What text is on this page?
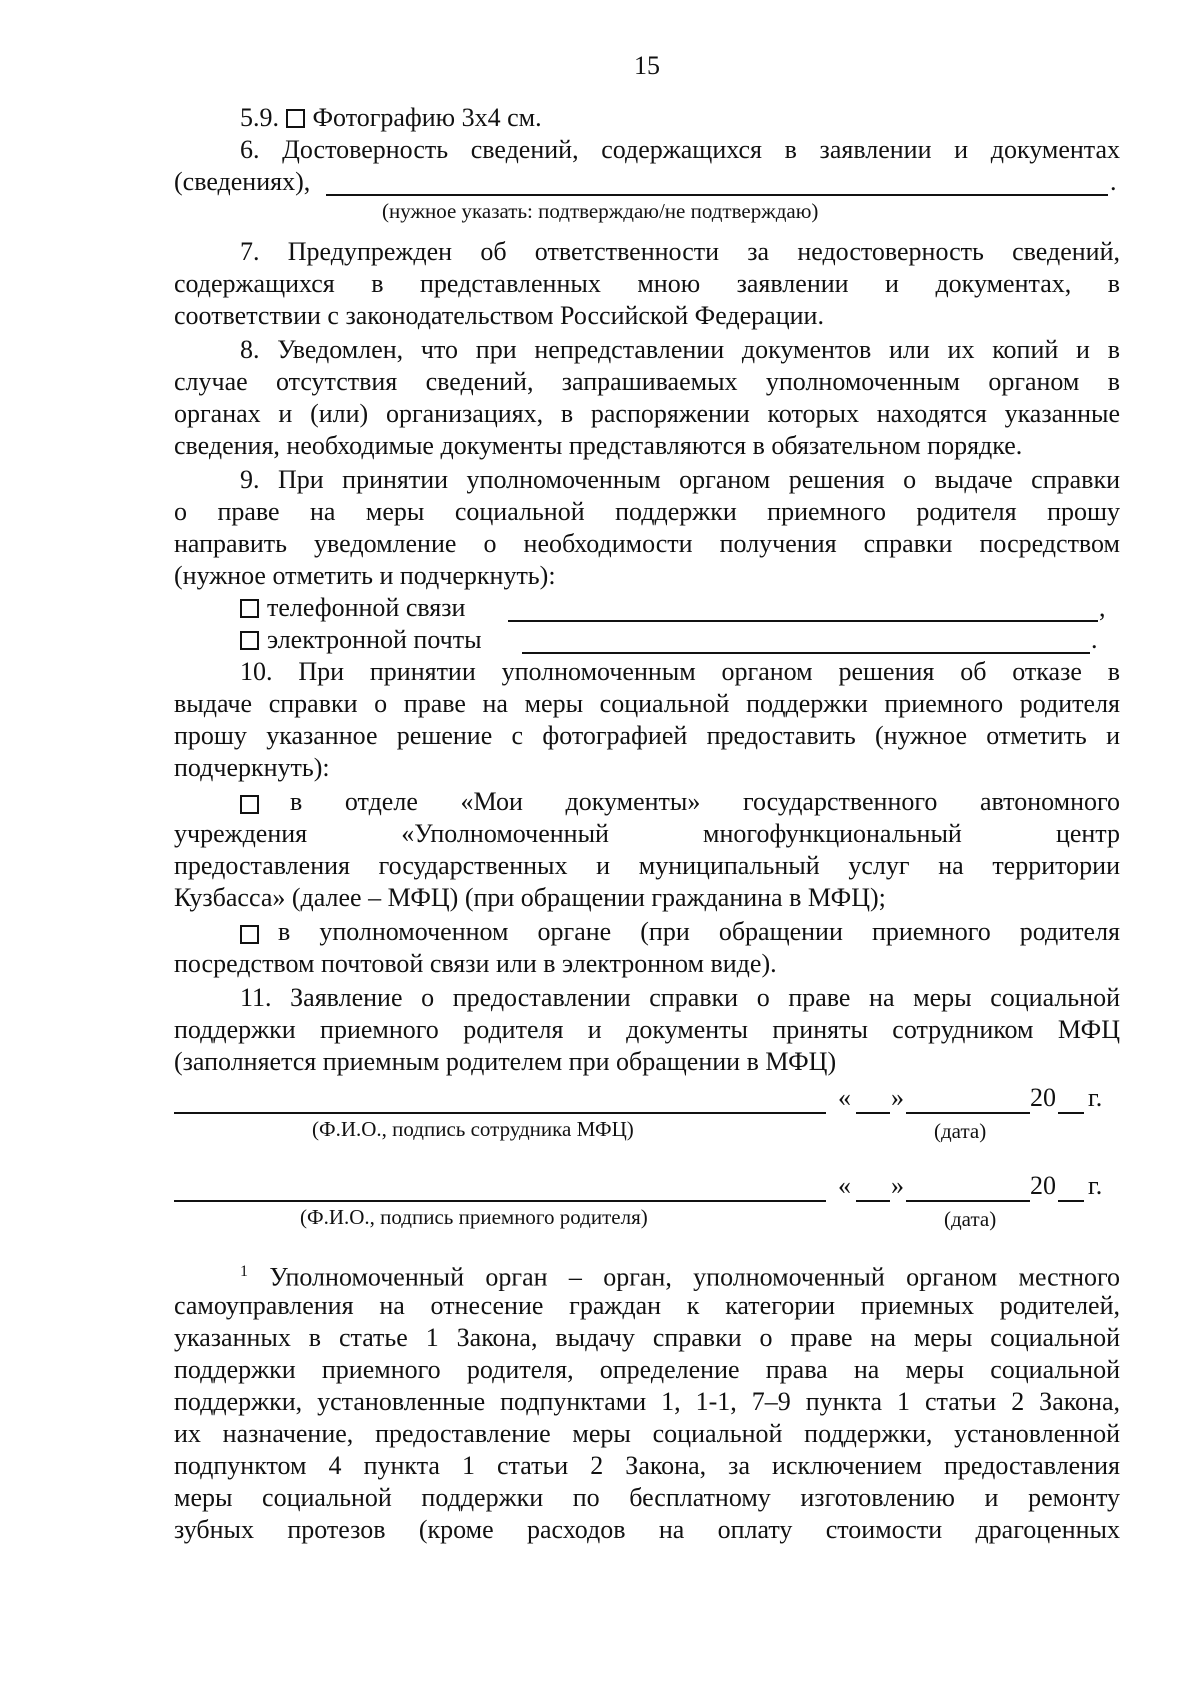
15
5.9. Фотографию 3х4 см.
6. Достоверность сведений, содержащихся в заявлении и документах
(сведениях),	.
(нужное указать: подтверждаю/не подтверждаю)
7. Предупрежден об ответственности за недостоверность сведений,
содержащихся в представленных мною заявлении и документах, в
соответствии с законодательством Российской Федерации.
8. Уведомлен, что при непредставлении документов или их копий и в
случае отсутствия сведений, запрашиваемых уполномоченным органом в
органах и (или) организациях, в распоряжении которых находятся указанные
сведения, необходимые документы представляются в обязательном порядке.
9. При принятии уполномоченным органом решения о выдаче справки
о праве на меры социальной поддержки приемного родителя прошу
направить уведомление о необходимости получения справки посредством
(нужное отметить и подчеркнуть):
телефонной связи	,
электронной почты	.
10. При принятии уполномоченным органом решения об отказе в
выдаче справки о праве на меры социальной поддержки приемного родителя
прошу указанное решение с фотографией предоставить (нужное отметить и
подчеркнуть):
в отделе «Мои документы» государственного автономного
учреждения «Уполномоченный многофункциональный центр
предоставления государственных и муниципальный услуг на территории
Кузбасса» (далее – МФЦ) (при обращении гражданина в МФЦ);
в уполномоченном органе (при обращении приемного родителя
посредством почтовой связи или в электронном виде).
11. Заявление о предоставлении справки о праве на меры социальной
поддержки приемного родителя и документы приняты сотрудником МФЦ
(заполняется приемным родителем при обращении в МФЦ)
« »	20 г.
(Ф.И.О., подпись сотрудника МФЦ)	(дата)
« »	20 г.
(Ф.И.О., подпись приемного родителя)	(дата)
$^1$ Уполномоченный орган – орган, уполномоченный органом местного
самоуправления на отнесение граждан к категории приемных родителей,
указанных в статье 1 Закона, выдачу справки о праве на меры социальной
поддержки приемного родителя, определение права на меры социальной
поддержки, установленные подпунктами 1, 1-1, 7–9 пункта 1 статьи 2 Закона,
их назначение, предоставление меры социальной поддержки, установленной
подпунктом 4 пункта 1 статьи 2 Закона, за исключением предоставления
меры социальной поддержки по бесплатному изготовлению и ремонту
зубных протезов (кроме расходов на оплату стоимости драгоценных
